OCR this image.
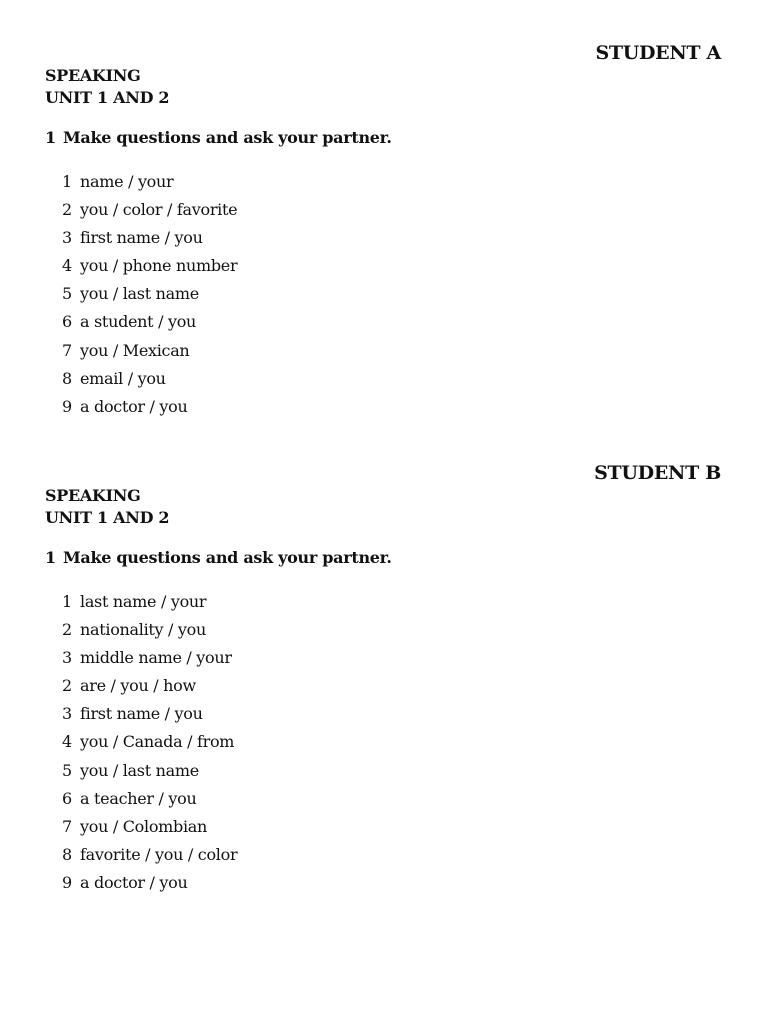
STUDENT A
SPEAKING
UNIT 1 AND 2
1 Make questions and ask your partner.
1 name / your
2 you / color / favorite
3 first name / you
4 you / phone number
5 you / last name
6 a student / you
7 you / Mexican
8 email / you
9 a doctor / you
STUDENT B
SPEAKING
UNIT 1 AND 2
1 Make questions and ask your partner.
1 last name / your
2 nationality / you
3 middle name / your
2 are / you / how
3 first name / you
4 you / Canada / from
5 you / last name
6 a teacher / you
7 you / Colombian
8 favorite / you / color
9 a doctor / you
